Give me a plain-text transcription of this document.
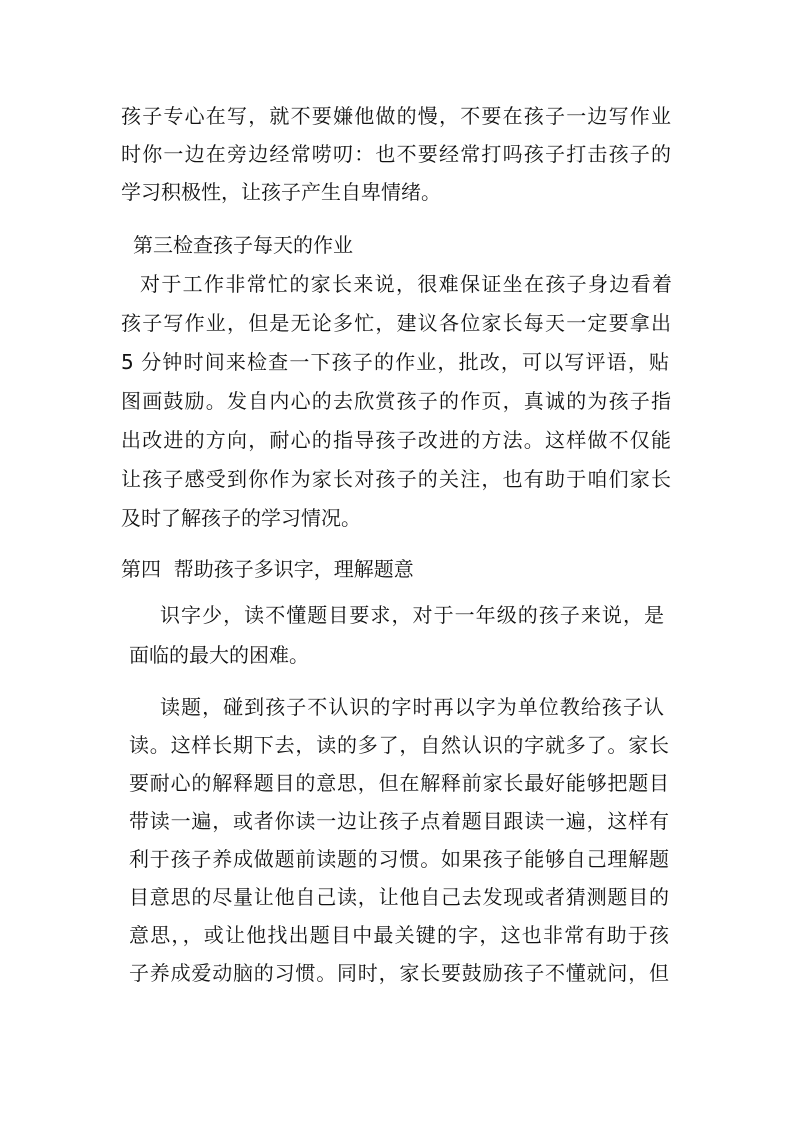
孩子专心在写，就不要嫌他做的慢，不要在孩子一边写作业
时你一边在旁边经常唠叨：也不要经常打吗孩子打击孩子的
学习积极性，让孩子产生自卑情绪。
第三检查孩子每天的作业
对于工作非常忙的家长来说，很难保证坐在孩子身边看着
孩子写作业，但是无论多忙，建议各位家长每天一定要拿出
5 分钟时间来检查一下孩子的作业，批改，可以写评语，贴
图画鼓励。发自内心的去欣赏孩子的作页，真诚的为孩子指
出改进的方向，耐心的指导孩子改进的方法。这样做不仅能
让孩子感受到你作为家长对孩子的关注，也有助于咱们家长
及时了解孩子的学习情况。
第四  帮助孩子多识字，理解题意
识字少，读不懂题目要求，对于一年级的孩子来说，是
面临的最大的困难。
读题，碰到孩子不认识的字时再以字为单位教给孩子认
读。这样长期下去，读的多了，自然认识的字就多了。家长
要耐心的解释题目的意思，但在解释前家长最好能够把题目
带读一遍，或者你读一边让孩子点着题目跟读一遍，这样有
利于孩子养成做题前读题的习惯。如果孩子能够自己理解题
目意思的尽量让他自己读，让他自己去发现或者猜测题目的
意思，，或让他找出题目中最关键的字，这也非常有助于孩
子养成爱动脑的习惯。同时，家长要鼓励孩子不懂就问，但
